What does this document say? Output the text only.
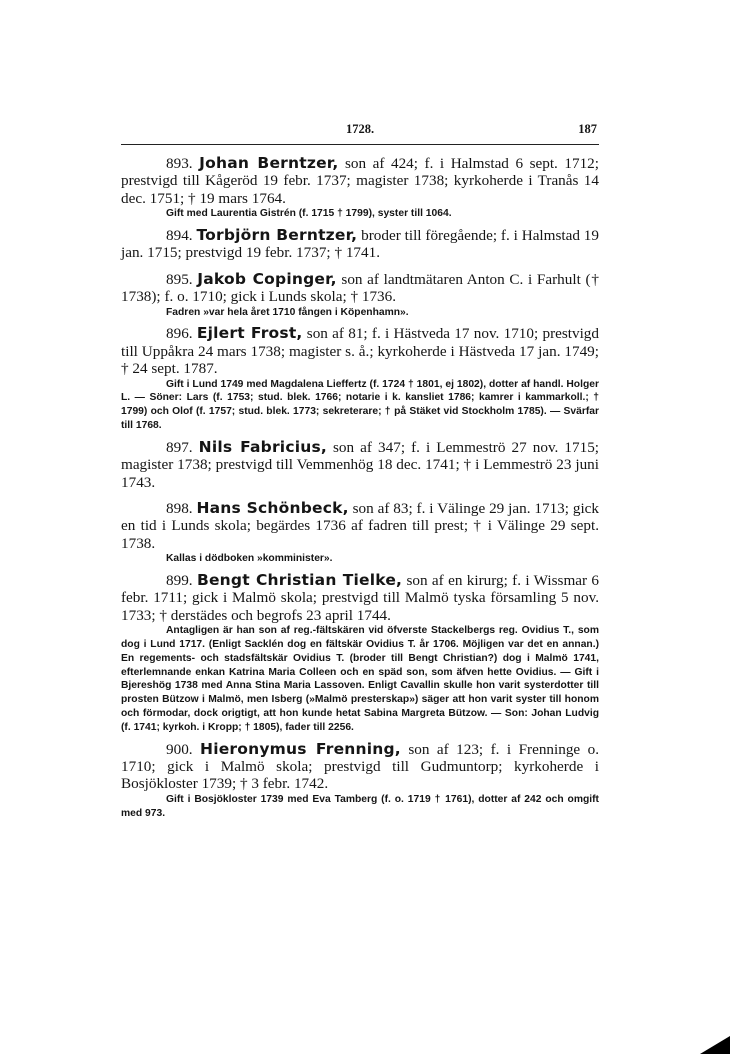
1728.	187

893. Johan Berntzer, son af 424; f. i Halmstad 6 sept. 1712; prestvigd till Kågeröd 19 febr. 1737; magister 1738; kyrkoherde i Tranås 14 dec. 1751; † 19 mars 1764.

Gift med Laurentia Gistrén (f. 1715 † 1799), syster till 1064.

894. Torbjörn Berntzer, broder till föregående; f. i Halmstad 19 jan. 1715; prestvigd 19 febr. 1737; † 1741.

895. Jakob Copinger, son af landtmätaren Anton C. i Farhult († 1738); f. o. 1710; gick i Lunds skola; † 1736.

Fadren »var hela året 1710 fången i Köpenhamn».

896. Ejlert Frost, son af 81; f. i Hästveda 17 nov. 1710; prestvigd till Uppåkra 24 mars 1738; magister s. å.; kyrkoherde i Hästveda 17 jan. 1749; † 24 sept. 1787.

Gift i Lund 1749 med Magdalena Lieffertz (f. 1724 † 1801, ej 1802), dotter af handl. Holger L. — Söner: Lars (f. 1753; stud. blek. 1766; notarie i k. kansliet 1786; kamrer i kammarkoll.; † 1799) och Olof (f. 1757; stud. blek. 1773; sekreterare; † på Stäket vid Stockholm 1785). — Svärfar till 1768.

897. Nils Fabricius, son af 347; f. i Lemmeströ 27 nov. 1715; magister 1738; prestvigd till Vemmenhög 18 dec. 1741; † i Lemmeströ 23 juni 1743.

898. Hans Schönbeck, son af 83; f. i Välinge 29 jan. 1713; gick en tid i Lunds skola; begärdes 1736 af fadren till prest; † i Välinge 29 sept. 1738.

Kallas i dödboken »komminister».

899. Bengt Christian Tielke, son af en kirurg; f. i Wissmar 6 febr. 1711; gick i Malmö skola; prestvigd till Malmö tyska församling 5 nov. 1733; † derstädes och begrofs 23 april 1744.

Antagligen är han son af reg.-fältskären vid öfverste Stackelbergs reg. Ovidius T., som dog i Lund 1717. (Enligt Sacklén dog en fältskär Ovidius T. år 1706. Möjligen var det en annan.) En regements- och stadsfältskär Ovidius T. (broder till Bengt Christian?) dog i Malmö 1741, efterlemnande enkan Katrina Maria Colleen och en späd son, som äfven hette Ovidius. — Gift i Bjereshög 1738 med Anna Stina Maria Lassoven. Enligt Cavallin skulle hon varit systerdotter till prosten Bützow i Malmö, men Isberg (»Malmö presterskap») säger att hon varit syster till honom och förmodar, dock origtigt, att hon kunde hetat Sabina Margreta Bützow. — Son: Johan Ludvig (f. 1741; kyrkoh. i Kropp; † 1805), fader till 2256.

900. Hieronymus Frenning, son af 123; f. i Frenninge o. 1710; gick i Malmö skola; prestvigd till Gudmuntorp; kyrkoherde i Bosjökloster 1739; † 3 febr. 1742.

Gift i Bosjökloster 1739 med Eva Tamberg (f. o. 1719 † 1761), dotter af 242 och omgift med 973.
